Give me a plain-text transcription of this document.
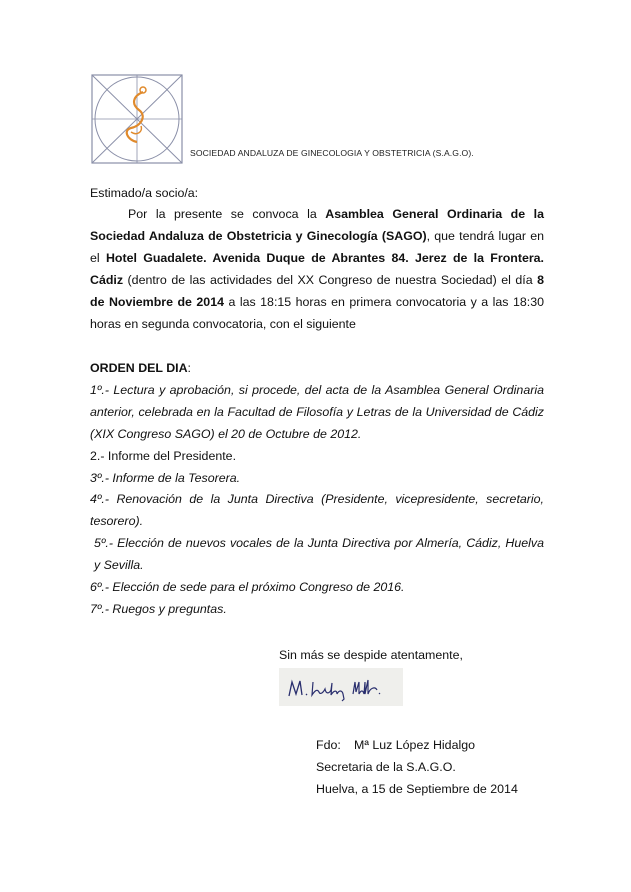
SOCIEDAD ANDALUZA DE GINECOLOGIA Y OBSTETRICIA (S.A.G.O).
Estimado/a socio/a:
Por la presente se convoca la Asamblea General Ordinaria de la Sociedad Andaluza de Obstetricia y Ginecología (SAGO), que tendrá lugar en el Hotel Guadalete. Avenida Duque de Abrantes 84. Jerez de la Frontera. Cádiz (dentro de las actividades del XX Congreso de nuestra Sociedad) el día 8 de Noviembre de 2014 a las 18:15 horas en primera convocatoria y a las 18:30 horas en segunda convocatoria, con el siguiente
ORDEN DEL DIA:
1º.- Lectura y aprobación, si procede, del acta de la Asamblea General Ordinaria anterior, celebrada en la Facultad de Filosofía y Letras de la Universidad de Cádiz (XIX Congreso SAGO) el 20 de Octubre de 2012.
2.- Informe del Presidente.
3º.- Informe de la Tesorera.
4º.- Renovación de la Junta Directiva (Presidente, vicepresidente, secretario, tesorero).
5º.- Elección de nuevos vocales de la Junta Directiva por Almería, Cádiz, Huelva y Sevilla.
6º.- Elección de sede para el próximo Congreso de 2016.
7º.- Ruegos y preguntas.
Sin más se despide atentamente,
Fdo: Mª Luz López Hidalgo
Secretaria de la S.A.G.O.
Huelva, a 15 de Septiembre de 2014
